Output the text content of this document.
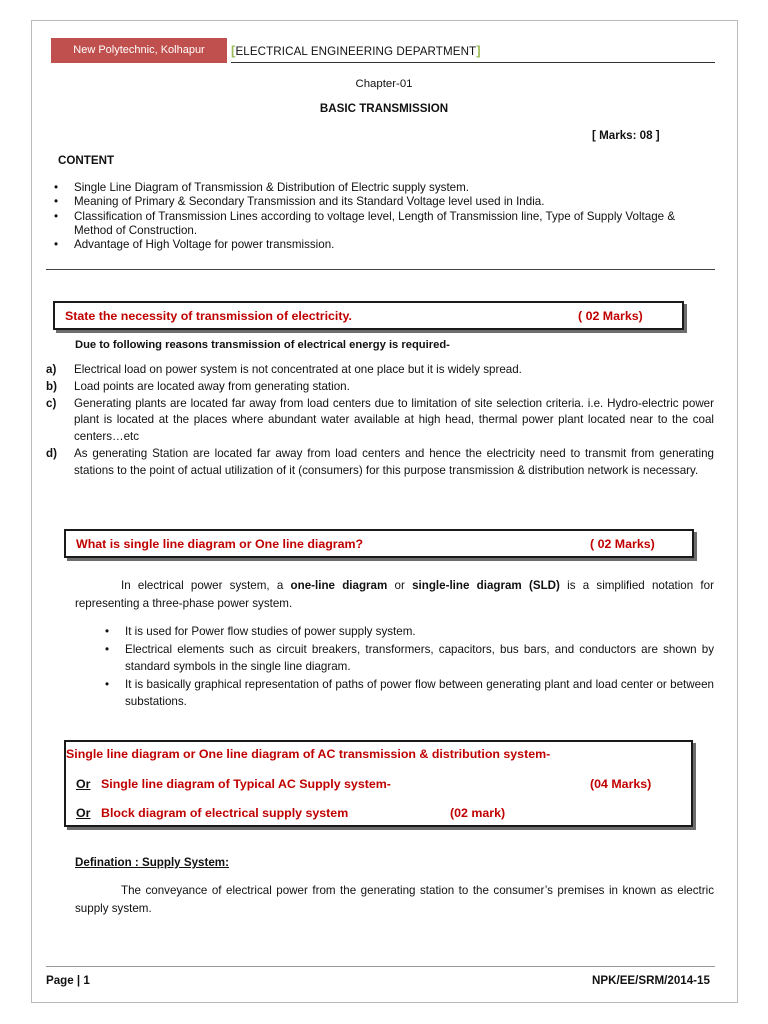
New Polytechnic, Kolhapur	[ELECTRICAL ENGINEERING DEPARTMENT]
Chapter-01
BASIC TRANSMISSION
[ Marks: 08 ]
CONTENT
• Single Line Diagram of Transmission & Distribution of Electric supply system.
• Meaning of Primary & Secondary Transmission and its Standard Voltage level used in India.
• Classification of Transmission Lines according to voltage level, Length of Transmission line, Type of Supply Voltage & Method of Construction.
• Advantage of High Voltage for power transmission.
State the necessity of transmission of electricity.	( 02 Marks)
Due to following reasons transmission of electrical energy is required-
a) Electrical load on power system is not concentrated at one place but it is widely spread.
b) Load points are located away from generating station.
c) Generating plants are located far away from load centers due to limitation of site selection criteria. i.e. Hydro-electric power plant is located at the places where abundant water available at high head, thermal power plant located near to the coal centers…etc
d) As generating Station are located far away from load centers and hence the electricity need to transmit from generating stations to the point of actual utilization of it (consumers) for this purpose transmission & distribution network is necessary.
What is single line diagram or One line diagram?	( 02 Marks)
In electrical power system, a one-line diagram or single-line diagram (SLD) is a simplified notation for representing a three-phase power system.
• It is used for Power flow studies of power supply system.
• Electrical elements such as circuit breakers, transformers, capacitors, bus bars, and conductors are shown by standard symbols in the single line diagram.
• It is basically graphical representation of paths of power flow between generating plant and load center or between substations.
Single line diagram or One line diagram of AC transmission & distribution system-
Or Single line diagram of Typical AC Supply system-	(04 Marks)
Or Block diagram of electrical supply system	(02 mark)
Defination : Supply System:
The conveyance of electrical power from the generating station to the consumer’s premises in known as electric supply system.
Page | 1	NPK/EE/SRM/2014-15
